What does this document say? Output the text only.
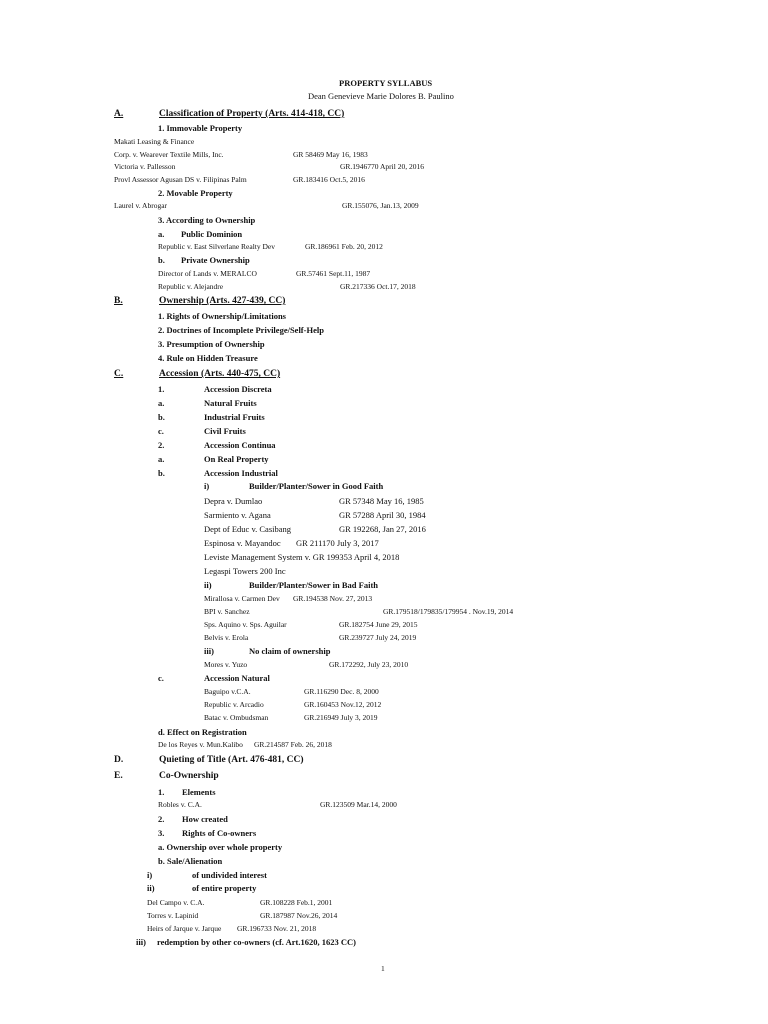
PROPERTY SYLLABUS
Dean Genevieve Marie Dolores B. Paulino
A.	Classification of Property (Arts. 414-418, CC)
1. Immovable Property
Makati Leasing & Finance
Corp. v. Wearever Textile Mills, Inc.	GR 58469 May 16, 1983
Victoria v. Pallesson	GR.1946770 April 20, 2016
Provl Assessor Agusan DS v. Filipinas Palm	GR.183416 Oct.5, 2016
2. Movable Property
Laurel v. Abrogar	GR.155076, Jan.13, 2009
3. According to Ownership
a. Public Dominion
Republic v. East Silverlane Realty Dev	GR.186961 Feb. 20, 2012
b. Private Ownership
Director of Lands v. MERALCO	GR.57461 Sept.11, 1987
Republic v. Alejandre	GR.217336 Oct.17, 2018
B.	Ownership (Arts. 427-439, CC)
1. Rights of Ownership/Limitations
2. Doctrines of Incomplete Privilege/Self-Help
3. Presumption of Ownership
4. Rule on Hidden Treasure
C.	Accession (Arts. 440-475, CC)
1.	Accession Discreta
a.	Natural Fruits
b.	Industrial Fruits
c.	Civil Fruits
2.	Accession Continua
a.	On Real Property
b.	Accession Industrial
i)	Builder/Planter/Sower in Good Faith
Depra v. Dumlao	GR 57348 May 16, 1985
Sarmiento v. Agana	GR 57288 April 30, 1984
Dept of Educ v. Casibang	GR 192268, Jan 27, 2016
Espinosa v. Mayandoc GR 211170 July 3, 2017
Leviste Management System v. GR 199353 April 4, 2018
Legaspi Towers 200 Inc
ii)	Builder/Planter/Sower in Bad Faith
Mirallosa v. Carmen Dev GR.194538 Nov. 27, 2013
BPI v. Sanchez	GR.179518/179835/179954 . Nov.19, 2014
Sps. Aquino v. Sps. Aguilar	GR.182754 June 29, 2015
Belvis v. Erola	GR.239727 July 24, 2019
iii)	No claim of ownership
Mores v. Yuzo	GR.172292, July 23, 2010
c.	Accession Natural
Baguipo v.C.A.	GR.116290 Dec. 8, 2000
Republic v. Arcadio	GR.160453 Nov.12, 2012
Batac v. Ombudsman	GR.216949 July 3, 2019
d. Effect on Registration
De los Reyes v. Mun.Kalibo GR.214587 Feb. 26, 2018
D.	Quieting of Title (Art. 476-481, CC)
E.	Co-Ownership
1. Elements
Robles v. C.A.	GR.123509 Mar.14, 2000
2. How created
3. Rights of Co-owners
a. Ownership over whole property
b. Sale/Alienation
i)	of undivided interest
ii)	of entire property
Del Campo v. C.A.	GR.108228 Feb.1, 2001
Torres v. Lapinid	GR.187987 Nov.26, 2014
Heirs of Jarque v. Jarque GR.196733 Nov. 21, 2018
iii) redemption by other co-owners (cf. Art.1620, 1623 CC)
1
